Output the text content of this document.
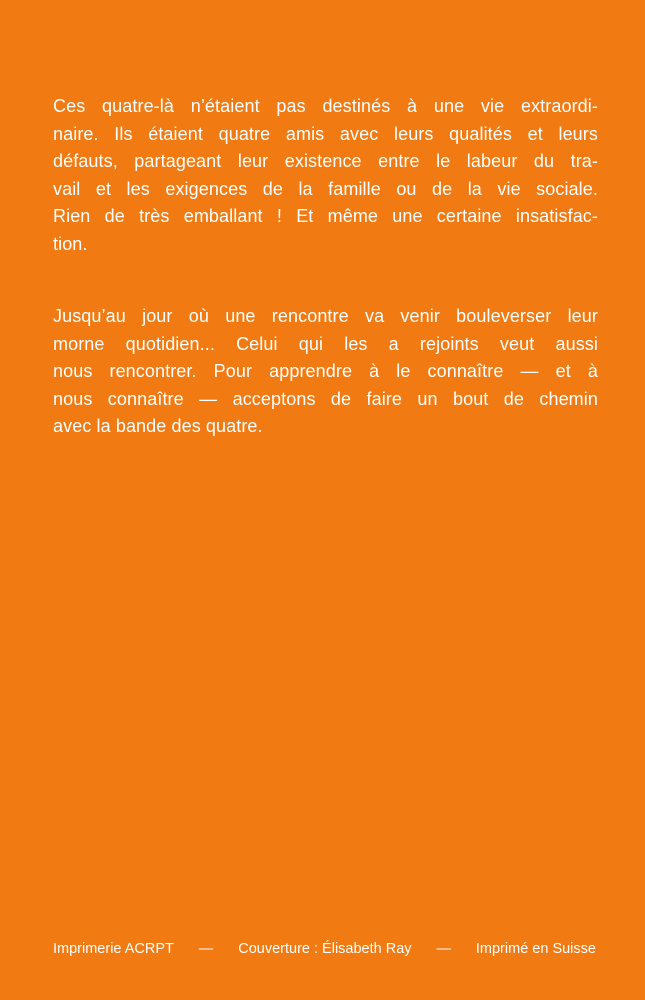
Ces quatre-là n’étaient pas destinés à une vie extraordi-
naire. Ils étaient quatre amis avec leurs qualités et leurs
défauts, partageant leur existence entre le labeur du tra-
vail et les exigences de la famille ou de la vie sociale.
Rien de très emballant ! Et même une certaine insatisfac-
tion.
Jusqu’au jour où une rencontre va venir bouleverser leur
morne quotidien... Celui qui les a rejoints veut aussi
nous rencontrer. Pour apprendre à le connaître — et à
nous connaître — acceptons de faire un bout de chemin
avec la bande des quatre.
Imprimerie ACRPT — Couverture : Élisabeth Ray — Imprimé en Suisse
